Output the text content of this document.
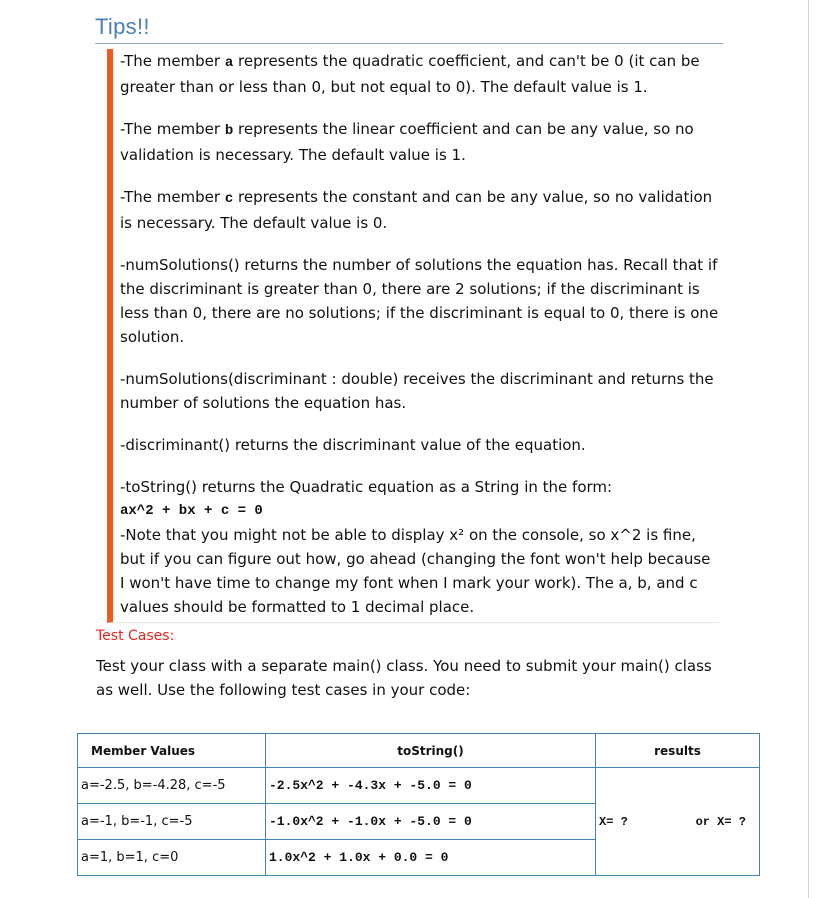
Tips!!

-The member a represents the quadratic coefficient, and can't be 0 (it can be greater than or less than 0, but not equal to 0). The default value is 1.

-The member b represents the linear coefficient and can be any value, so no validation is necessary. The default value is 1.

-The member c represents the constant and can be any value, so no validation is necessary. The default value is 0.

-numSolutions() returns the number of solutions the equation has. Recall that if the discriminant is greater than 0, there are 2 solutions; if the discriminant is less than 0, there are no solutions; if the discriminant is equal to 0, there is one solution.

-numSolutions(discriminant : double) receives the discriminant and returns the number of solutions the equation has.

-discriminant() returns the discriminant value of the equation.

-toString() returns the Quadratic equation as a String in the form:

ax^2 + bx + c = 0

-Note that you might not be able to display x² on the console, so x^2 is fine, but if you can figure out how, go ahead (changing the font won't help because I won't have time to change my font when I mark your work). The a, b, and c values should be formatted to 1 decimal place.

Test Cases:
Test your class with a separate main() class. You need to submit your main() class as well. Use the following test cases in your code:
Member Values	toString()	results
a=-2.5, b=-4.28, c=-5	-2.5x^2 + -4.3x + -5.0 = 0	X= ? or X= ?

a=-1, b=-1, c=-5	-1.0x^2 + -1.0x + -5.0 = 0	
a=1, b=1, c=0	1.0x^2 + 1.0x + 0.0 = 0	
